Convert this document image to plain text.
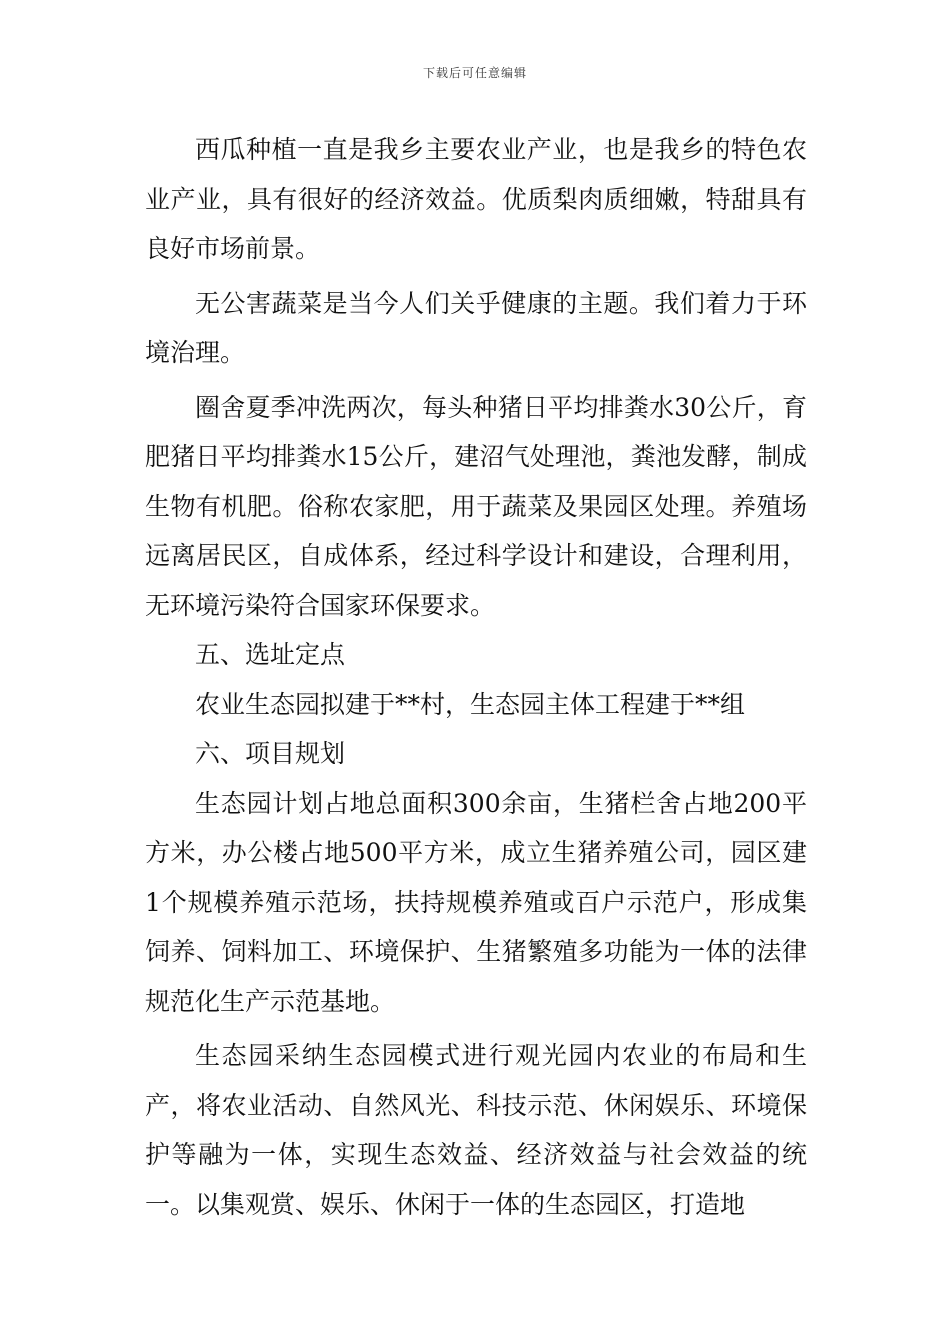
下载后可任意编辑

西瓜种植一直是我乡主要农业产业，也是我乡的特色农业产业，具有很好的经济效益。优质梨肉质细嫩，特甜具有良好市场前景。

无公害蔬菜是当今人们关乎健康的主题。我们着力于环境治理。

圈舍夏季冲洗两次，每头种猪日平均排粪水30公斤，育肥猪日平均排粪水15公斤，建沼气处理池，粪池发酵，制成生物有机肥。俗称农家肥，用于蔬菜及果园区处理。养殖场远离居民区，自成体系，经过科学设计和建设，合理利用，无环境污染符合国家环保要求。

五、选址定点

农业生态园拟建于**村，生态园主体工程建于**组

六、项目规划

生态园计划占地总面积300余亩，生猪栏舍占地200平方米，办公楼占地500平方米，成立生猪养殖公司，园区建1个规模养殖示范场，扶持规模养殖或百户示范户，形成集饲养、饲料加工、环境保护、生猪繁殖多功能为一体的法律规范化生产示范基地。

生态园采纳生态园模式进行观光园内农业的布局和生产，将农业活动、自然风光、科技示范、休闲娱乐、环境保护等融为一体，实现生态效益、经济效益与社会效益的统一。以集观赏、娱乐、休闲于一体的生态园区，打造地
